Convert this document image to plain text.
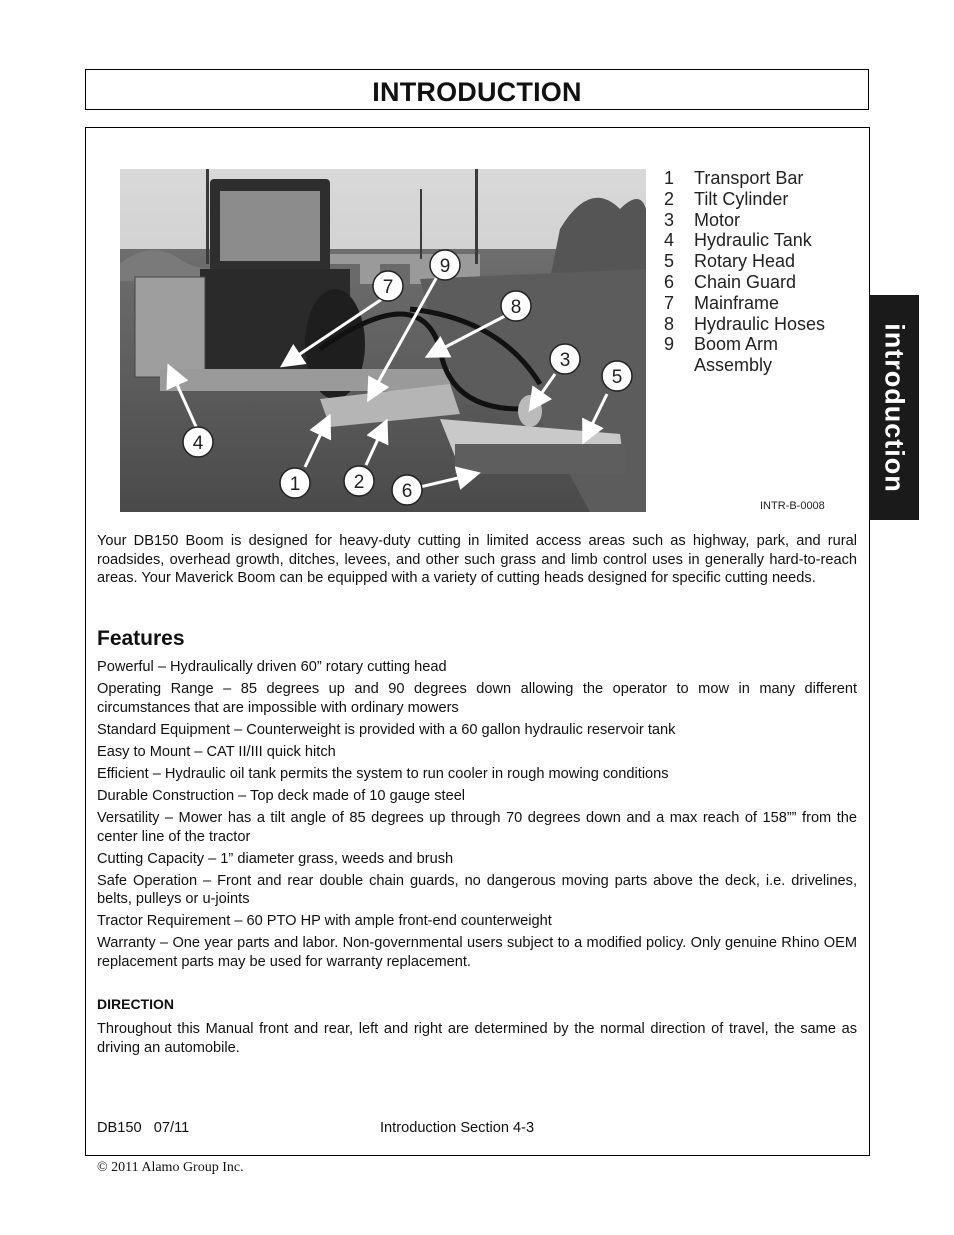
INTRODUCTION
introduction
4
7
9
8
3
5
1	2 6
1	Transport Bar
2	Tilt Cylinder
3	Motor
4	Hydraulic Tank
5	Rotary Head
6	Chain Guard
7	Mainframe
8	Hydraulic Hoses
9	Boom Arm
Assembly
INTR-B-0008
Your DB150 Boom is designed for heavy-duty cutting in limited access areas such as highway, park, and rural roadsides, overhead growth, ditches, levees, and other such grass and limb control uses in generally hard-to-reach areas. Your Maverick Boom can be equipped with a variety of cutting heads designed for specific cutting needs.
Features
Powerful – Hydraulically driven 60” rotary cutting head
Operating Range – 85 degrees up and 90 degrees down allowing the operator to mow in many different circumstances that are impossible with ordinary mowers
Standard Equipment – Counterweight is provided with a 60 gallon hydraulic reservoir tank
Easy to Mount – CAT II/III quick hitch
Efficient – Hydraulic oil tank permits the system to run cooler in rough mowing conditions
Durable Construction – Top deck made of 10 gauge steel
Versatility – Mower has a tilt angle of 85 degrees up through 70 degrees down and a max reach of 158”” from the center line of the tractor
Cutting Capacity – 1” diameter grass, weeds and brush
Safe Operation – Front and rear double chain guards, no dangerous moving parts above the deck, i.e. drivelines, belts, pulleys or u-joints
Tractor Requirement – 60 PTO HP with ample front-end counterweight
Warranty – One year parts and labor. Non-governmental users subject to a modified policy. Only genuine Rhino OEM replacement parts may be used for warranty replacement.
DIRECTION
Throughout this Manual front and rear, left and right are determined by the normal direction of travel, the same as driving an automobile.
DB150   07/11	Introduction Section 4-3
© 2011 Alamo Group Inc.
